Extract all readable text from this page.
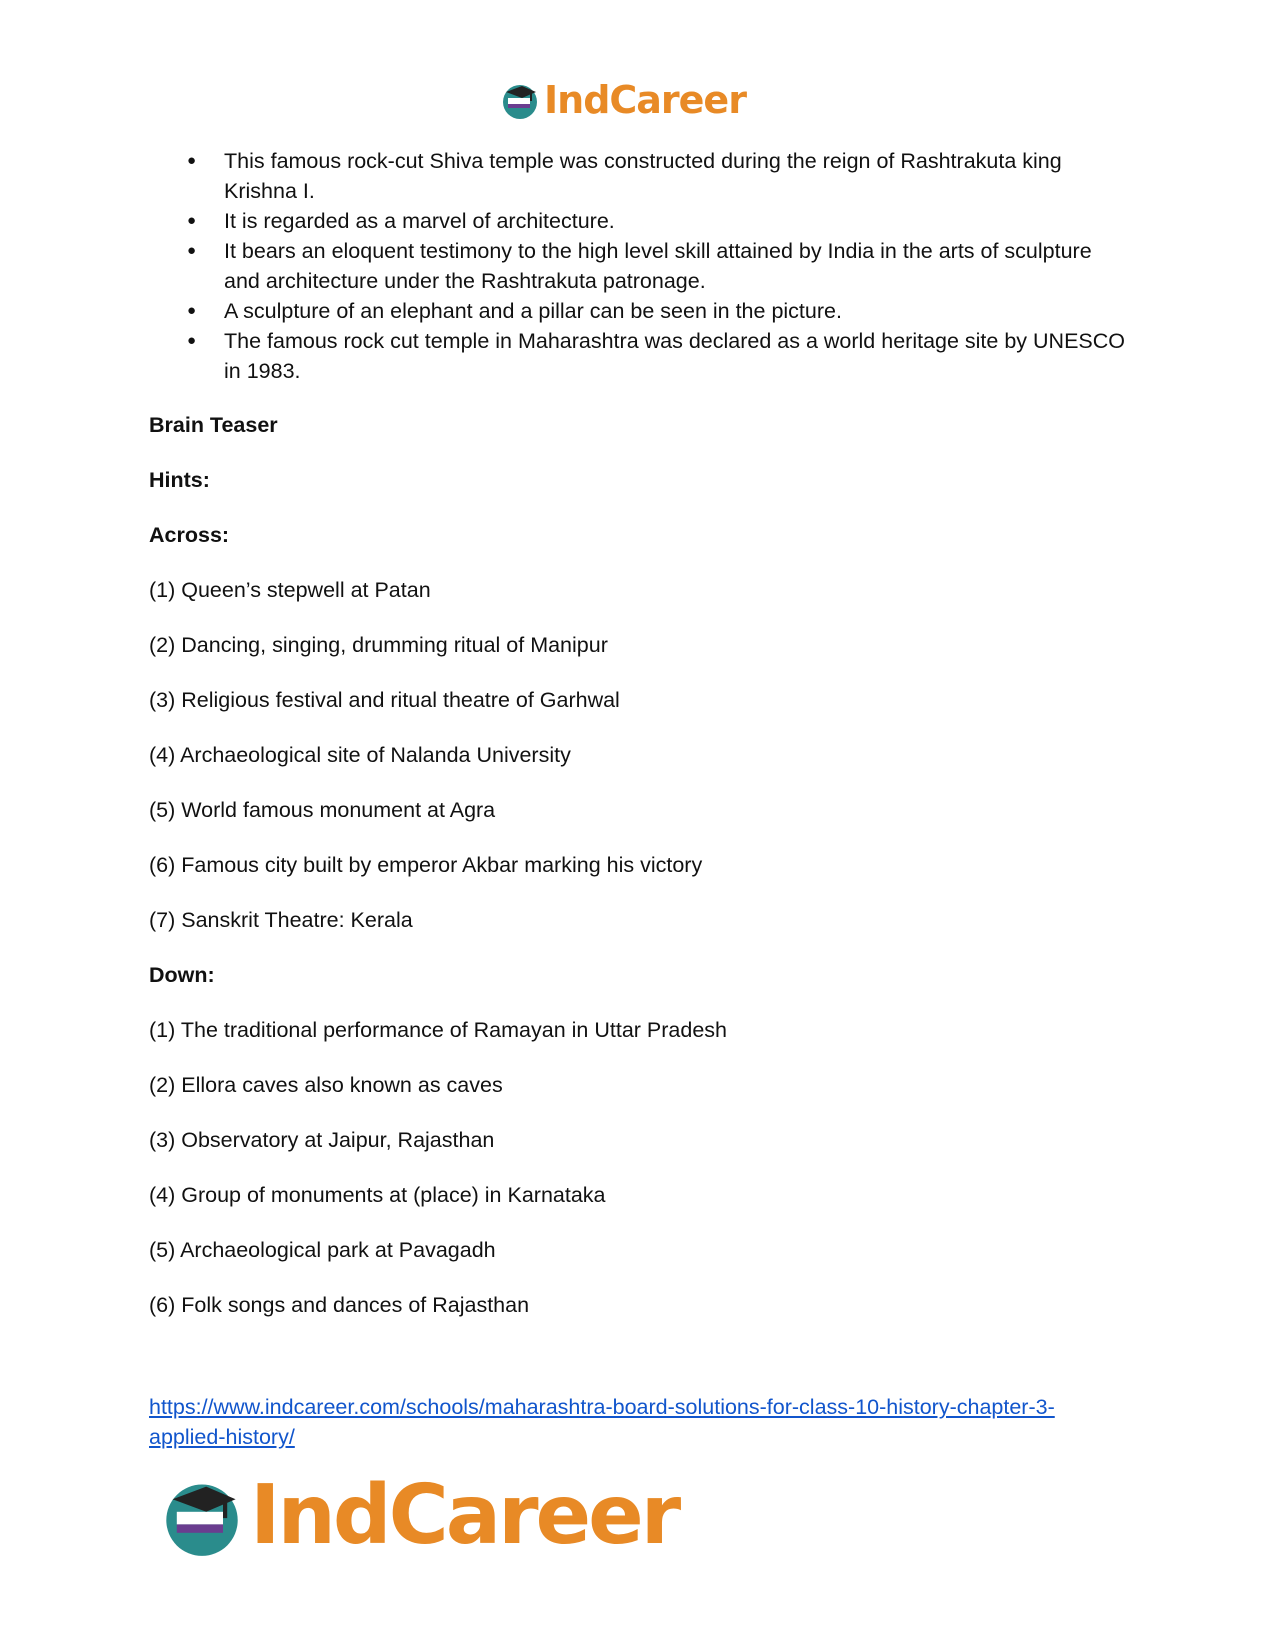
IndCareer
● This famous rock-cut Shiva temple was constructed during the reign of Rashtrakuta king Krishna I.
● It is regarded as a marvel of architecture.
● It bears an eloquent testimony to the high level skill attained by India in the arts of sculpture and architecture under the Rashtrakuta patronage.
● A sculpture of an elephant and a pillar can be seen in the picture.
● The famous rock cut temple in Maharashtra was declared as a world heritage site by UNESCO in 1983.

Brain Teaser

Hints:

Across:

(1) Queen’s stepwell at Patan

(2) Dancing, singing, drumming ritual of Manipur

(3) Religious festival and ritual theatre of Garhwal

(4) Archaeological site of Nalanda University

(5) World famous monument at Agra

(6) Famous city built by emperor Akbar marking his victory

(7) Sanskrit Theatre: Kerala

Down:

(1) The traditional performance of Ramayan in Uttar Pradesh

(2) Ellora caves also known as caves

(3) Observatory at Jaipur, Rajasthan

(4) Group of monuments at (place) in Karnataka

(5) Archaeological park at Pavagadh

(6) Folk songs and dances of Rajasthan

https://www.indcareer.com/schools/maharashtra-board-solutions-for-class-10-history-chapter-3-applied-history/
IndCareer
